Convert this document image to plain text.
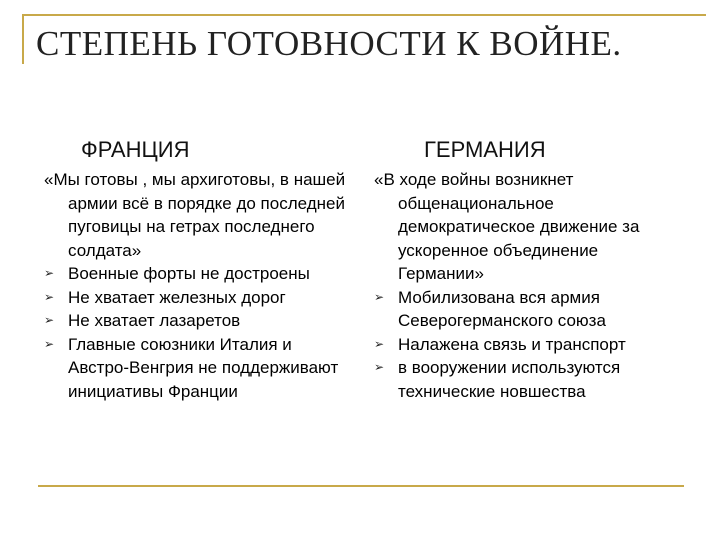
СТЕПЕНЬ ГОТОВНОСТИ К ВОЙНЕ.
ФРАНЦИЯ	ГЕРМАНИЯ
«Мы готовы , мы архиготовы, в нашей армии всё в порядке до последней пуговицы на гетрах последнего солдата»
➢ Военные форты не достроены
➢ Не хватает железных дорог
➢ Не хватает лазаретов
➢ Главные союзники Италия и Австро-Венгрия не поддерживают инициативы Франции
«В ходе войны возникнет общенациональное демократическое движение за ускоренное объединение Германии»
➢ Мобилизована вся армия Северогерманского союза
➢ Налажена связь и транспорт
➢ в вооружении используются технические новшества
